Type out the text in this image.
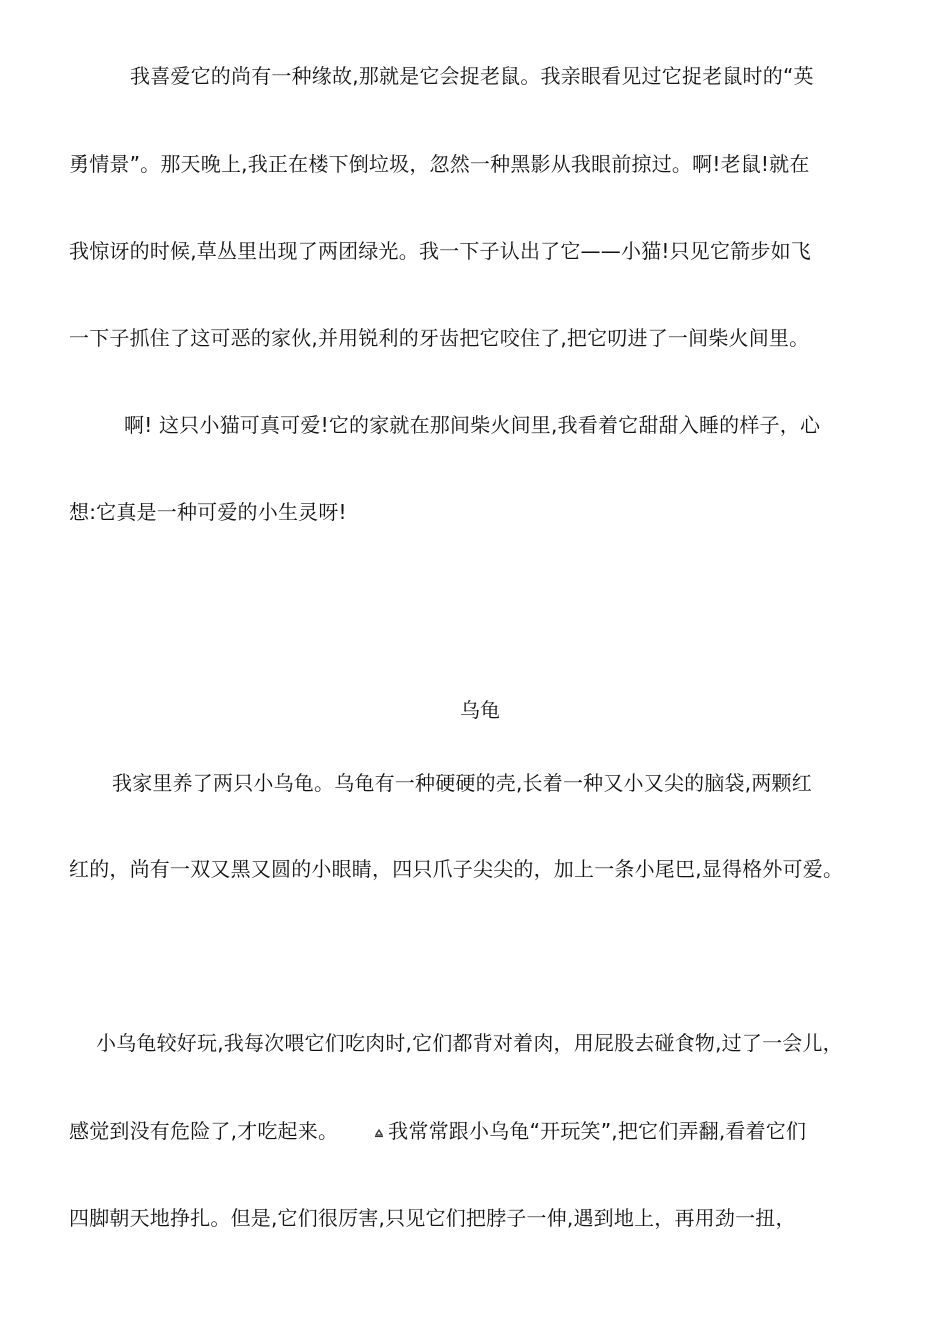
我喜爱它的尚有一种缘故,那就是它会捉老鼠。我亲眼看见过它捉老鼠时的“英
勇情景”。那天晚上,我正在楼下倒垃圾，忽然一种黑影从我眼前掠过。啊!老鼠!就在
我惊讶的时候,草丛里出现了两团绿光。我一下子认出了它——小猫!只见它箭步如飞
一下子抓住了这可恶的家伙,并用锐利的牙齿把它咬住了,把它叨进了一间柴火间里。
啊! 这只小猫可真可爱!它的家就在那间柴火间里,我看着它甜甜入睡的样子，心
想:它真是一种可爱的小生灵呀!
乌龟
我家里养了两只小乌龟。乌龟有一种硬硬的壳,长着一种又小又尖的脑袋,两颗红
红的，尚有一双又黑又圆的小眼睛，四只爪子尖尖的，加上一条小尾巴,显得格外可爱。
小乌龟较好玩,我每次喂它们吃肉时,它们都背对着肉，用屁股去碰食物,过了一会儿，
感觉到没有危险了,才吃起来。	我常常跟小乌龟“开玩笑”,把它们弄翻,看着它们
四脚朝天地挣扎。但是,它们很厉害,只见它们把脖子一伸,遇到地上，再用劲一扭，
